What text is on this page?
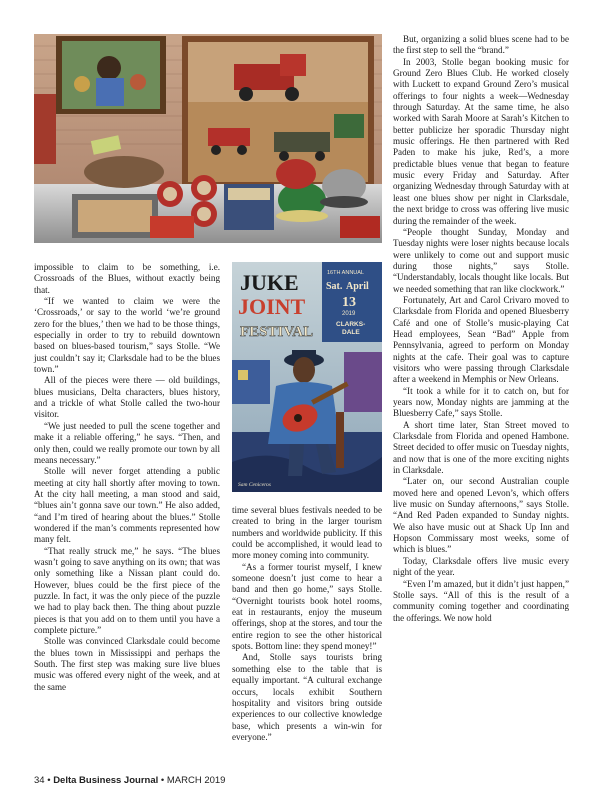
JUKE
JOINT
FESTIVAL
16TH ANNUAL
Sat. April
13
2019
CLARKS-
DALE
Sam Ceniceros

impossible to claim to be something, i.e. Crossroads of the Blues, without exactly being that.

“If we wanted to claim we were the ‘Crossroads,’ or say to the world ‘we’re ground zero for the blues,’ then we had to be those things, especially in order to try to rebuild downtown based on blues-based tourism,” says Stolle. “We just couldn’t say it; Clarksdale had to be the blues town.”

All of the pieces were there — old buildings, blues musicians, Delta characters, blues history, and a trickle of what Stolle called the two-hour visitor.

“We just needed to pull the scene together and make it a reliable offering,” he says. “Then, and only then, could we really promote our town by all means necessary.”

Stolle will never forget attending a public meeting at city hall shortly after moving to town. At the city hall meeting, a man stood and said, “blues ain’t gonna save our town.” He also added, “and I’m tired of hearing about the blues.” Stolle wondered if the man’s comments represented how many felt.

“That really struck me,” he says. “The blues wasn’t going to save anything on its own; that was only something like a Nissan plant could do. However, blues could be the first piece of the puzzle. In fact, it was the only piece of the puzzle we had to play back then. The thing about puzzle pieces is that you add on to them until you have a complete picture.”

Stolle was convinced Clarksdale could become the blues town in Mississippi and perhaps the South. The first step was making sure live blues music was offered every night of the week, and at the same

time several blues festivals needed to be created to bring in the larger tourism numbers and worldwide publicity. If this could be accomplished, it would lead to more money coming into community.

“As a former tourist myself, I knew someone doesn’t just come to hear a band and then go home,” says Stolle. “Overnight tourists book hotel rooms, eat in restaurants, enjoy the museum offerings, shop at the stores, and tour the entire region to see the other historical spots. Bottom line: they spend money!”

And, Stolle says tourists bring something else to the table that is equally important. “A cultural exchange occurs, locals exhibit Southern hospitality and visitors bring outside experiences to our collective knowledge base, which presents a win-win for everyone.”

But, organizing a solid blues scene had to be the first step to sell the “brand.”

In 2003, Stolle began booking music for Ground Zero Blues Club. He worked closely with Luckett to expand Ground Zero’s musical offerings to four nights a week—Wednesday through Saturday. At the same time, he also worked with Sarah Moore at Sarah’s Kitchen to better publicize her sporadic Thursday night music offerings. He then partnered with Red Paden to make his juke, Red’s, a more predictable blues venue that began to feature music every Friday and Saturday. After organizing Wednesday through Saturday with at least one blues show per night in Clarksdale, the next bridge to cross was offering live music during the remainder of the week.

“People thought Sunday, Monday and Tuesday nights were loser nights because locals were unlikely to come out and support music during those nights,” says Stolle. “Understandably, locals thought like locals. But we needed something that ran like clockwork.”

Fortunately, Art and Carol Crivaro moved to Clarksdale from Florida and opened Bluesberry Café and one of Stolle’s music-playing Cat Head employees, Sean “Bad” Apple from Pennsylvania, agreed to perform on Monday nights at the cafe. Their goal was to capture visitors who were passing through Clarksdale after a weekend in Memphis or New Orleans.

“It took a while for it to catch on, but for years now, Monday nights are jamming at the Bluesberry Cafe,” says Stolle.

A short time later, Stan Street moved to Clarksdale from Florida and opened Hambone. Street decided to offer music on Tuesday nights, and now that is one of the more exciting nights in Clarksdale.

“Later on, our second Australian couple moved here and opened Levon’s, which offers live music on Sunday afternoons,” says Stolle. “And Red Paden expanded to Sunday nights. We also have music out at Shack Up Inn and Hopson Commissary most weeks, some of which is blues.”

Today, Clarksdale offers live music every night of the year.

“Even I’m amazed, but it didn’t just happen,” Stolle says. “All of this is the result of a community coming together and coordinating the offerings. We now hold

34 • Delta Business Journal • MARCH 2019
